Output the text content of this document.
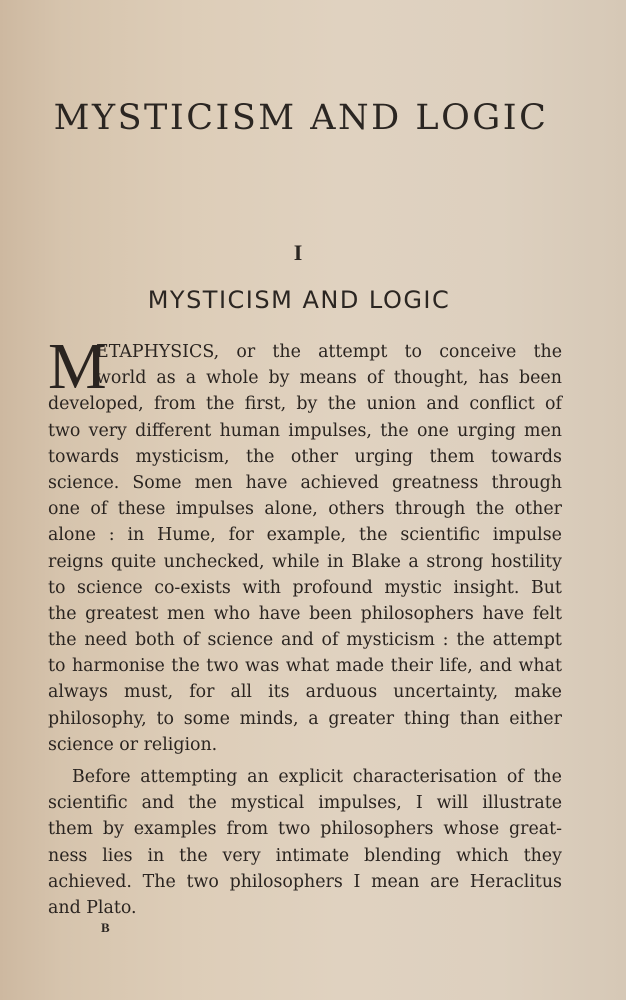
MYSTICISM AND LOGIC
I
MYSTICISM AND LOGIC
M
ETAPHYSICS, or the attempt to conceive the
world as a whole by means of thought, has been
developed, from the first, by the union and conflict of
two very different human impulses, the one urging men
towards mysticism, the other urging them towards
science. Some men have achieved greatness through
one of these impulses alone, others through the other
alone : in Hume, for example, the scientific impulse
reigns quite unchecked, while in Blake a strong hostility
to science co-exists with profound mystic insight. But
the greatest men who have been philosophers have felt
the need both of science and of mysticism : the attempt
to harmonise the two was what made their life, and what
always must, for all its arduous uncertainty, make
philosophy, to some minds, a greater thing than either
science or religion.
Before attempting an explicit characterisation of the
scientific and the mystical impulses, I will illustrate
them by examples from two philosophers whose great-
ness lies in the very intimate blending which they
achieved. The two philosophers I mean are Heraclitus
and Plato.
B
